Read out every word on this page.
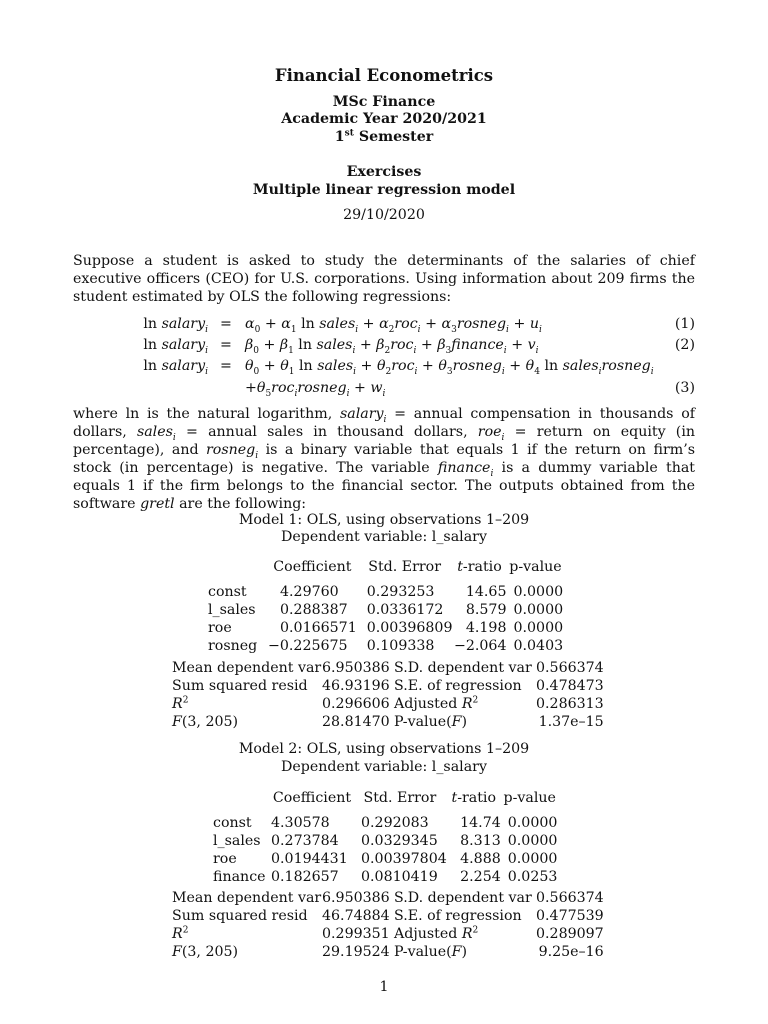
Financial Econometrics
MSc Finance
Academic Year 2020/2021
1st Semester
Exercises
Multiple linear regression model
29/10/2020

Suppose a student is asked to study the determinants of the salaries of chief executive officers (CEO) for U.S. corporations. Using information about 209 firms the student estimated by OLS the following regressions:

ln salary$_i$ = $\alpha_0 + \alpha_1$ ln sales$_i$ + $\alpha_2roc_i$ + $\alpha_3rosneg_i + u_i$	(1)
ln salary$_i$ = $\beta_0 + \beta_1$ ln sales$_i$ + $\beta_2roc_i$ + $\beta_3finance_i + v_i$	(2)
ln salary$_i$ = $\theta_0 + \theta_1$ ln sales$_i$ + $\theta_2roc_i$ + $\theta_3rosneg_i + \theta_4$ ln sales$_i$rosneg$_i$
$+\theta_5roc_irosneg_i + w_i$	(3)

where ln is the natural logarithm, salary$_i$ = annual compensation in thousands of dollars, sales$_i$ = annual sales in thousand dollars, roe$_i$ = return on equity (in percentage), and rosneg$_i$ is a binary variable that equals 1 if the return on firm’s stock (in percentage) is negative. The variable finance$_i$ is a dummy variable that equals 1 if the firm belongs to the financial sector. The outputs obtained from the software gretl are the following:

Model 1: OLS, using observations 1–209
Dependent variable: l_salary
	Coefficient	Std. Error	t-ratio	p-value

const	4.29760	0.293253	14.65	0.0000
l_sales	0.288387	0.0336172	8.579	0.0000
roe	0.0166571	0.00396809	4.198	0.0000
rosneg	−0.225675	0.109338	−2.064	0.0403
Mean dependent var	6.950386	S.D. dependent var	0.566374
Sum squared resid	46.93196	S.E. of regression	0.478473
$R^2$	0.296606	Adjusted $R^2$	0.286313
F(3, 205)	28.81470	P-value(F)	1.37e–15
Model 2: OLS, using observations 1–209
Dependent variable: l_salary
	Coefficient	Std. Error	t-ratio	p-value

const	4.30578	0.292083	14.74	0.0000
l_sales	0.273784	0.0329345	8.313	0.0000
roe	0.0194431	0.00397804	4.888	0.0000
finance	0.182657	0.0810419	2.254	0.0253
Mean dependent var	6.950386	S.D. dependent var	0.566374
Sum squared resid	46.74884	S.E. of regression	0.477539
$R^2$	0.299351	Adjusted $R^2$	0.289097
F(3, 205)	29.19524	P-value(F)	9.25e–16
1
